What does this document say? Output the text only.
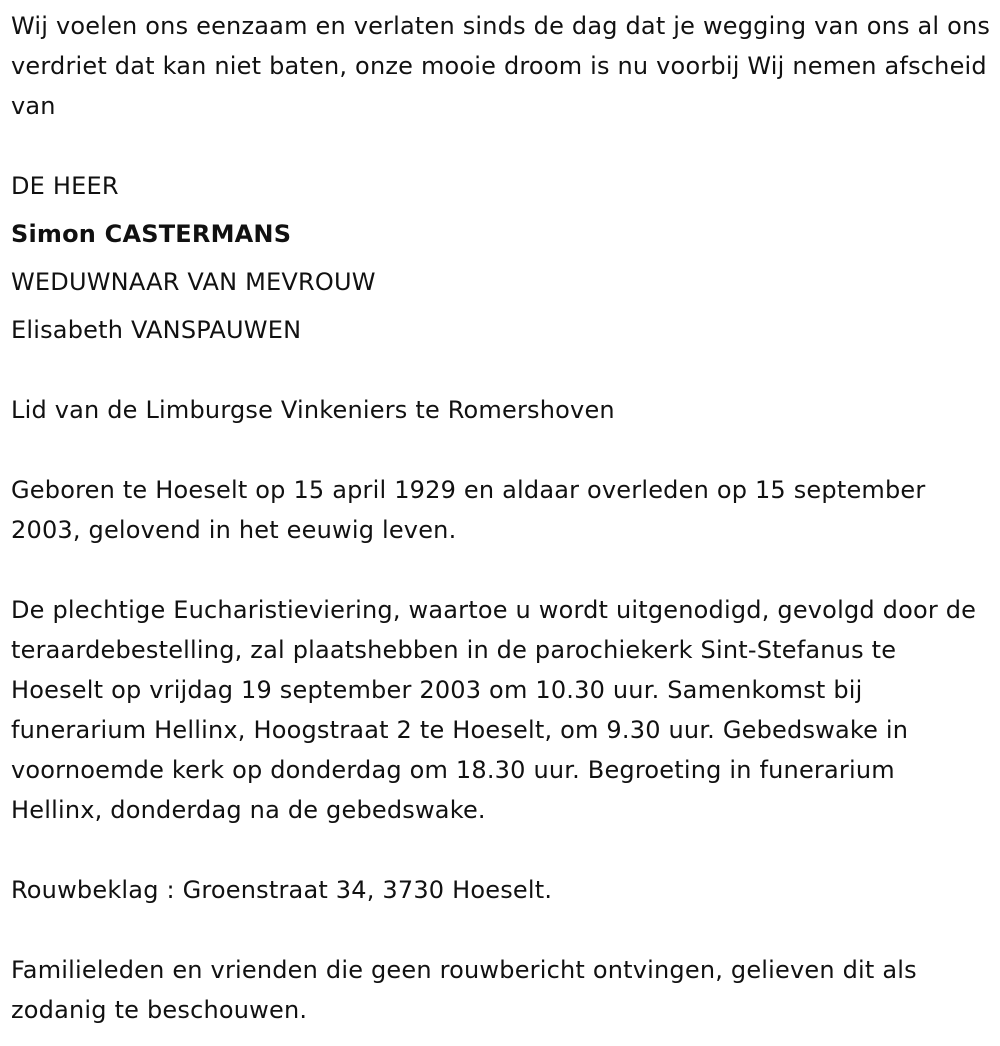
Wij voelen ons eenzaam en verlaten sinds de dag dat je wegging van ons al ons verdriet dat kan niet baten, onze mooie droom is nu voorbij Wij nemen afscheid van

DE HEER

Simon CASTERMANS

WEDUWNAAR VAN MEVROUW

Elisabeth VANSPAUWEN

Lid van de Limburgse Vinkeniers te Romershoven

Geboren te Hoeselt op 15 april 1929 en aldaar overleden op 15 september 2003, gelovend in het eeuwig leven.

De plechtige Eucharistieviering, waartoe u wordt uitgenodigd, gevolgd door de teraardebestelling, zal plaatshebben in de parochiekerk Sint-Stefanus te Hoeselt op vrijdag 19 september 2003 om 10.30 uur. Samenkomst bij funerarium Hellinx, Hoogstraat 2 te Hoeselt, om 9.30 uur. Gebedswake in voornoemde kerk op donderdag om 18.30 uur. Begroeting in funerarium Hellinx, donderdag na de gebedswake.

Rouwbeklag : Groenstraat 34, 3730 Hoeselt.

Familieleden en vrienden die geen rouwbericht ontvingen, gelieven dit als zodanig te beschouwen.
